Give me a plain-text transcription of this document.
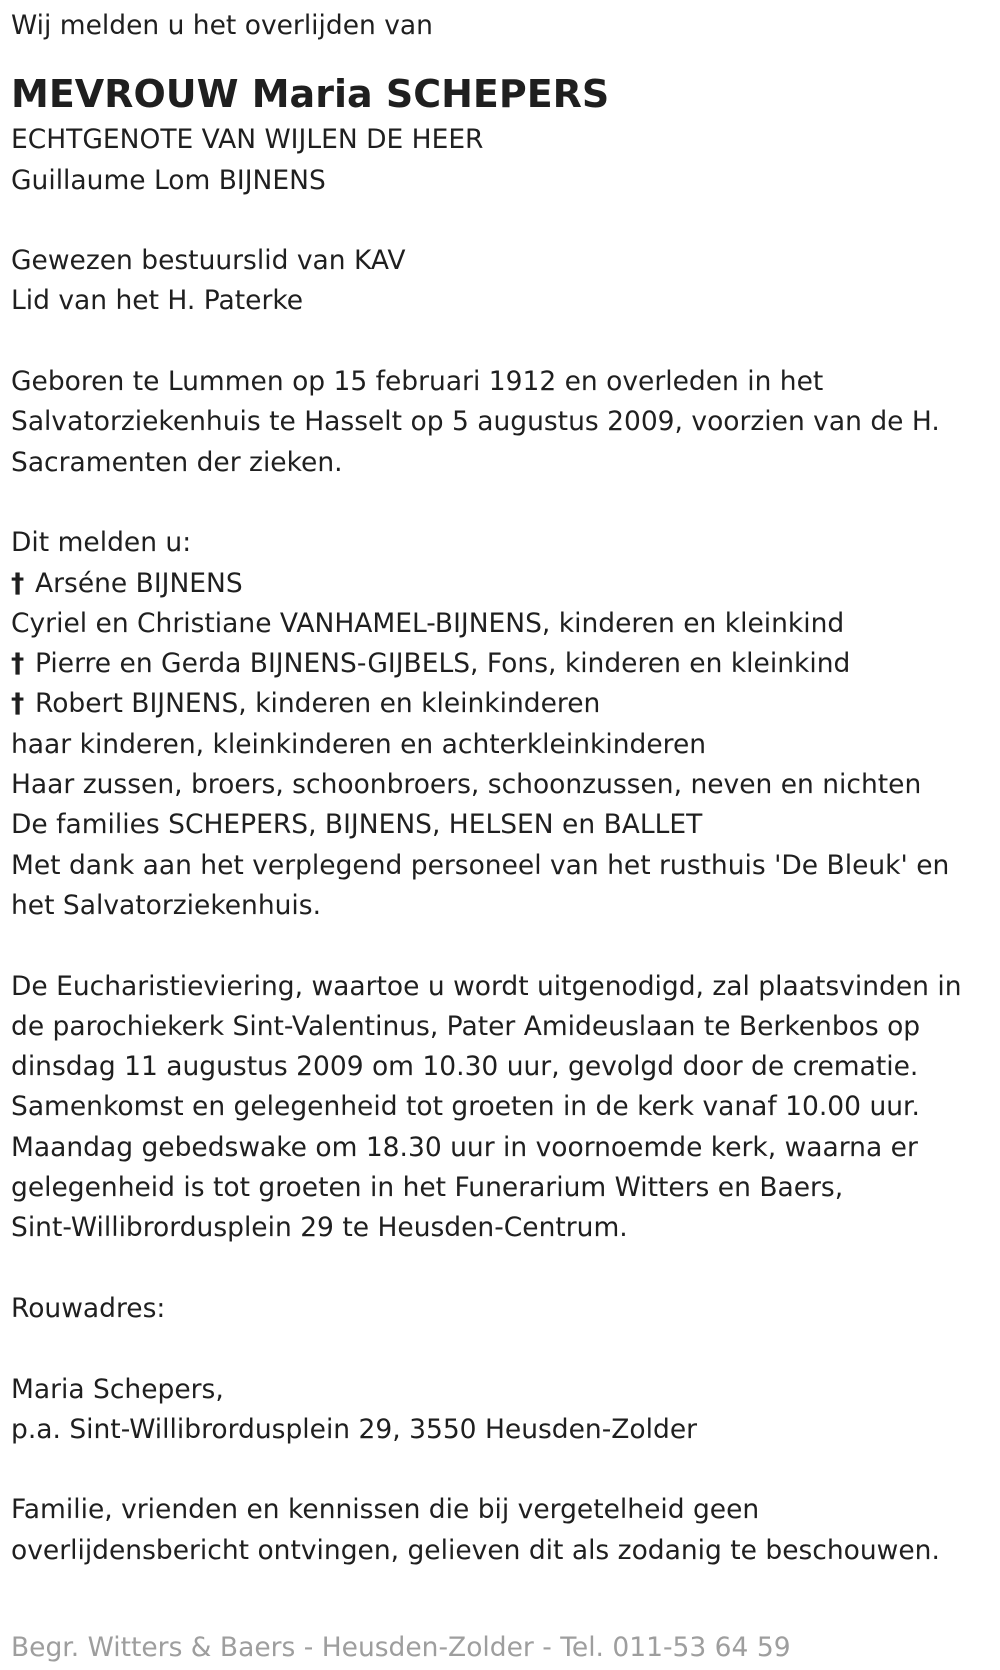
Wij melden u het overlijden van

MEVROUW Maria SCHEPERS

ECHTGENOTE VAN WIJLEN DE HEER

Guillaume Lom BIJNENS

Gewezen bestuurslid van KAV

Lid van het H. Paterke

Geboren te Lummen op 15 februari 1912 en overleden in het

Salvatorziekenhuis te Hasselt op 5 augustus 2009, voorzien van de H.

Sacramenten der zieken.

Dit melden u:

† Arséne BIJNENS

Cyriel en Christiane VANHAMEL-BIJNENS, kinderen en kleinkind

† Pierre en Gerda BIJNENS-GIJBELS, Fons, kinderen en kleinkind

† Robert BIJNENS, kinderen en kleinkinderen

haar kinderen, kleinkinderen en achterkleinkinderen

Haar zussen, broers, schoonbroers, schoonzussen, neven en nichten

De families SCHEPERS, BIJNENS, HELSEN en BALLET

Met dank aan het verplegend personeel van het rusthuis 'De Bleuk' en

het Salvatorziekenhuis.

De Eucharistieviering, waartoe u wordt uitgenodigd, zal plaatsvinden in

de parochiekerk Sint-Valentinus, Pater Amideuslaan te Berkenbos op

dinsdag 11 augustus 2009 om 10.30 uur, gevolgd door de crematie.

Samenkomst en gelegenheid tot groeten in de kerk vanaf 10.00 uur.

Maandag gebedswake om 18.30 uur in voornoemde kerk, waarna er

gelegenheid is tot groeten in het Funerarium Witters en Baers,

Sint-Willibrordusplein 29 te Heusden-Centrum.

Rouwadres:

Maria Schepers,

p.a. Sint-Willibrordusplein 29, 3550 Heusden-Zolder

Familie, vrienden en kennissen die bij vergetelheid geen

overlijdensbericht ontvingen, gelieven dit als zodanig te beschouwen.

Begr. Witters & Baers - Heusden-Zolder - Tel. 011-53 64 59
